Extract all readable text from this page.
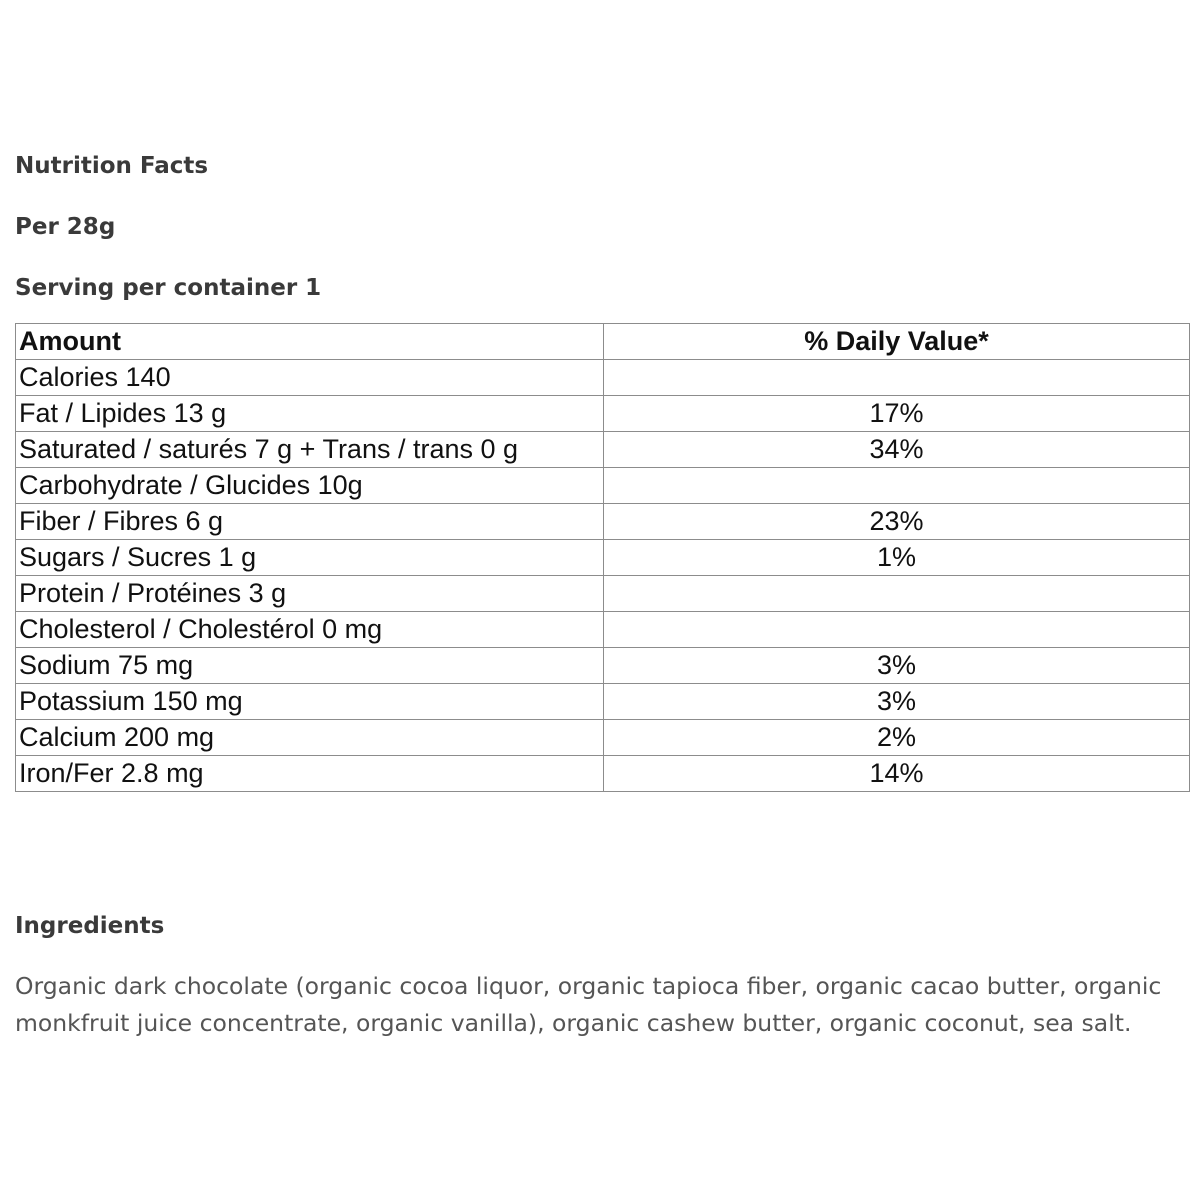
Nutrition Facts
Per 28g
Serving per container 1
Amount	% Daily Value*
Calories 140	
Fat / Lipides 13 g	17%
Saturated / saturés 7 g + Trans / trans 0 g	34%
Carbohydrate / Glucides 10g	
Fiber / Fibres 6 g	23%
Sugars / Sucres 1 g	1%
Protein / Protéines 3 g	
Cholesterol / Cholestérol 0 mg	
Sodium 75 mg	3%
Potassium 150 mg	3%
Calcium 200 mg	2%
Iron/Fer 2.8 mg	14%
Ingredients
Organic dark chocolate (organic cocoa liquor, organic tapioca fiber, organic cacao butter, organic monkfruit juice concentrate, organic vanilla), organic cashew butter, organic coconut, sea salt.
